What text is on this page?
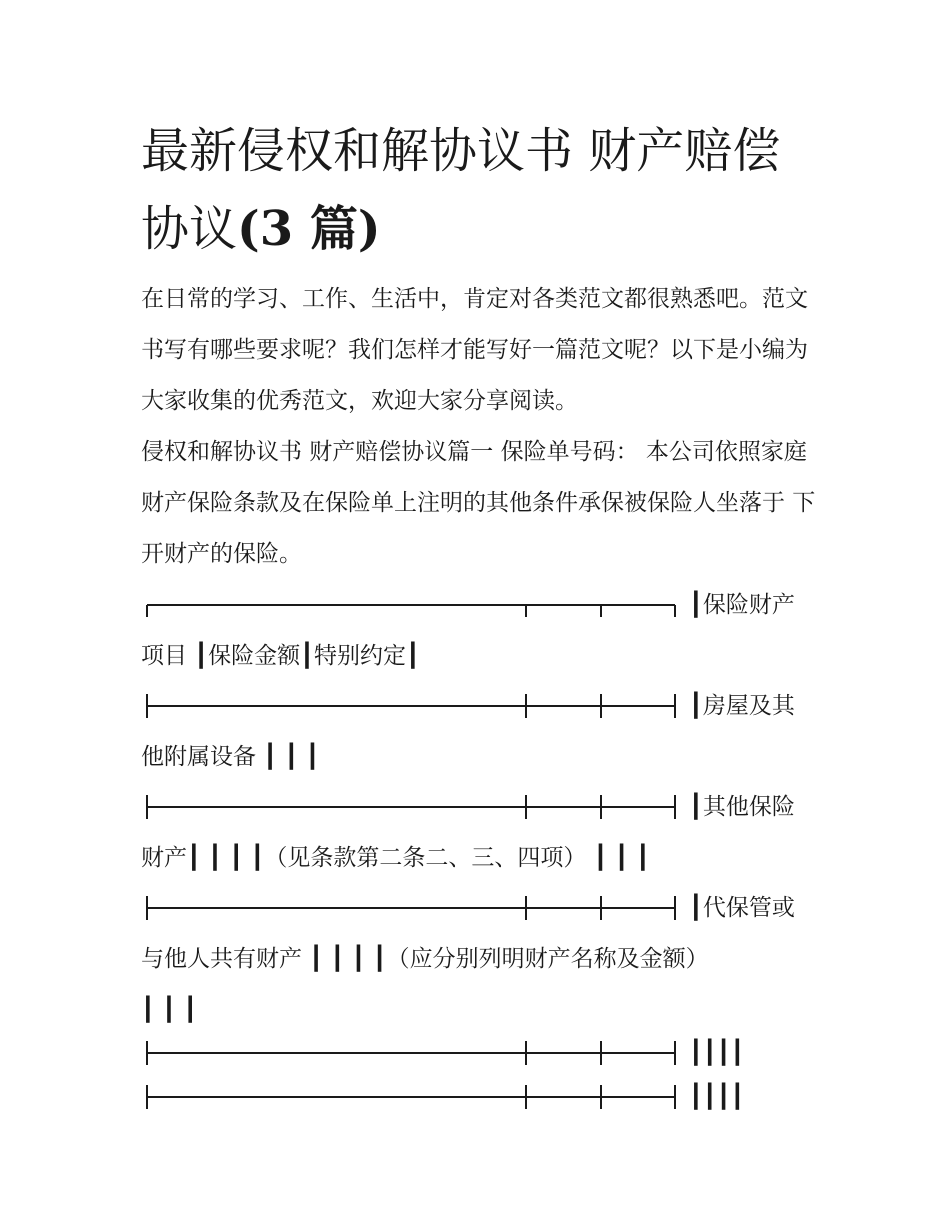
最新侵权和解协议书 财产赔偿协议(3 篇)

在日常的学习、工作、生活中，肯定对各类范文都很熟悉吧。范文书写有哪些要求呢？我们怎样才能写好一篇范文呢？以下是小编为大家收集的优秀范文，欢迎大家分享阅读。

侵权和解协议书 财产赔偿协议篇一 保险单号码： 本公司依照家庭财产保险条款及在保险单上注明的其他条件承保被保险人坐落于 下开财产的保险。

┃保险财产
项目 ┃保险金额┃特别约定┃
┃房屋及其
他附属设备 ┃ ┃ ┃
┃其他保险
财产┃ ┃ ┃ ┃（见条款第二条二、三、四项） ┃ ┃ ┃
┃代保管或
与他人共有财产 ┃ ┃ ┃ ┃（应分别列明财产名称及金额）
┃ ┃ ┃
┃┃┃┃
┃┃┃┃
